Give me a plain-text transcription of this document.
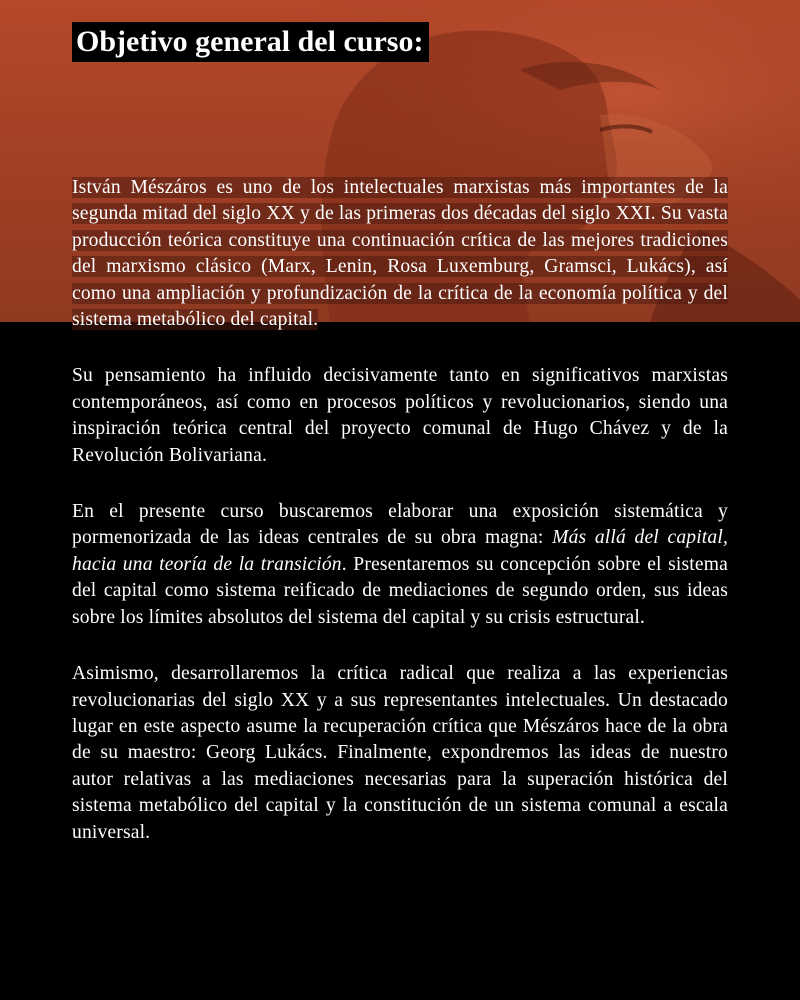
Objetivo general del curso:

István Mészáros es uno de los intelectuales marxistas más importantes de la segunda mitad del siglo XX y de las primeras dos décadas del siglo XXI. Su vasta producción teórica constituye una continuación crítica de las mejores tradiciones del marxismo clásico (Marx, Lenin, Rosa Luxemburg, Gramsci, Lukács), así como una ampliación y profundización de la crítica de la economía política y del sistema metabólico del capital.

Su pensamiento ha influido decisivamente tanto en significativos marxistas contemporáneos, así como en procesos políticos y revolucionarios, siendo una inspiración teórica central del proyecto comunal de Hugo Chávez y de la Revolución Bolivariana.

En el presente curso buscaremos elaborar una exposición sistemática y pormenorizada de las ideas centrales de su obra magna: Más allá del capital, hacia una teoría de la transición. Presentaremos su concepción sobre el sistema del capital como sistema reificado de mediaciones de segundo orden, sus ideas sobre los límites absolutos del sistema del capital y su crisis estructural.

Asimismo, desarrollaremos la crítica radical que realiza a las experiencias revolucionarias del siglo XX y a sus representantes intelectuales. Un destacado lugar en este aspecto asume la recuperación crítica que Mészáros hace de la obra de su maestro: Georg Lukács. Finalmente, expondremos las ideas de nuestro autor relativas a las mediaciones necesarias para la superación histórica del sistema metabólico del capital y la constitución de un sistema comunal a escala universal.
